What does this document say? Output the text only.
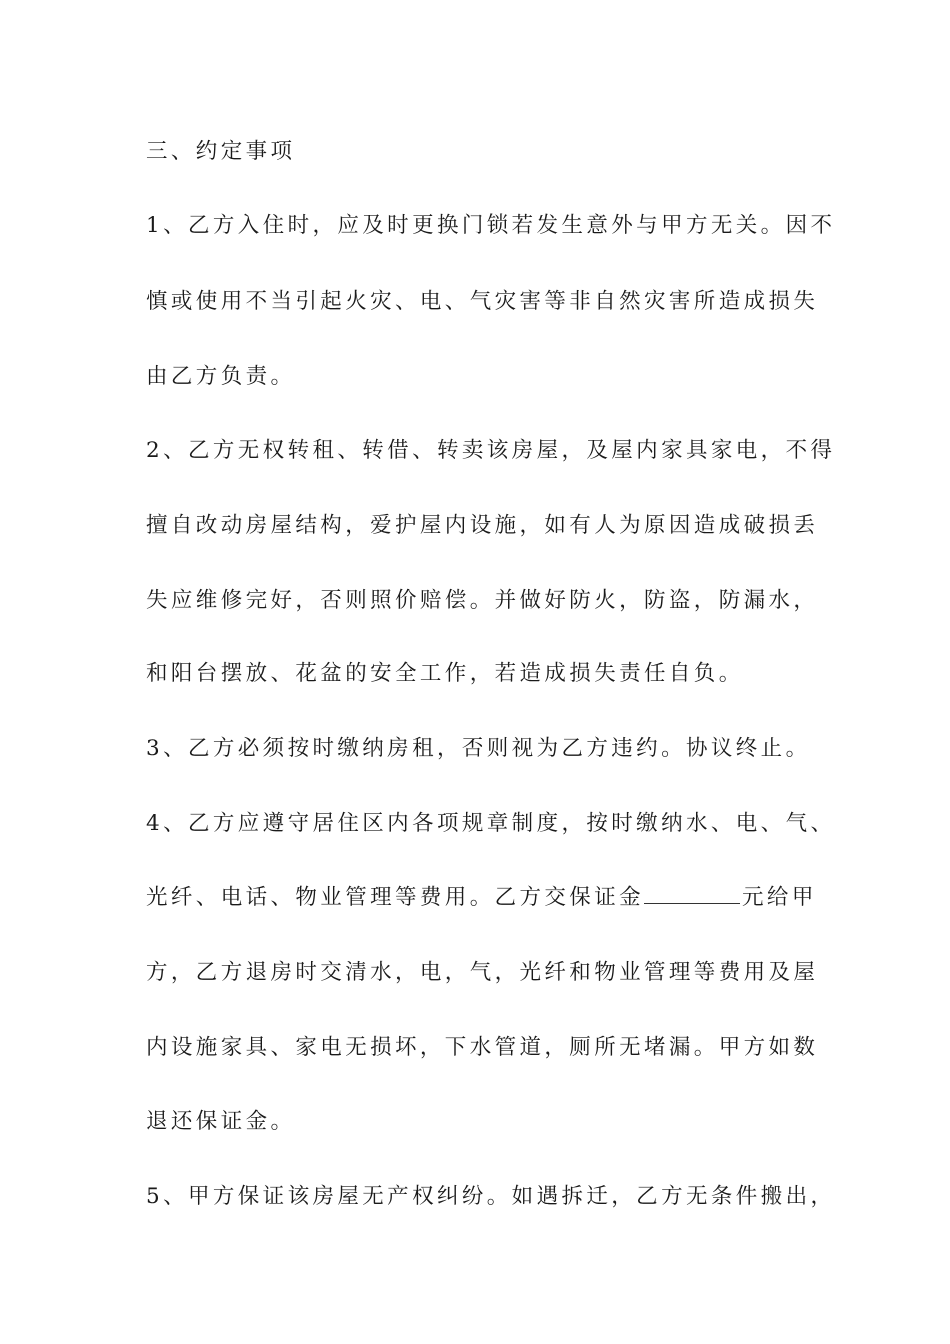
三、约定事项
1、乙方入住时，应及时更换门锁若发生意外与甲方无关。因不
慎或使用不当引起火灾、电、气灾害等非自然灾害所造成损失
由乙方负责。
2、乙方无权转租、转借、转卖该房屋，及屋内家具家电，不得
擅自改动房屋结构，爱护屋内设施，如有人为原因造成破损丢
失应维修完好，否则照价赔偿。并做好防火，防盗，防漏水，
和阳台摆放、花盆的安全工作，若造成损失责任自负。
3、乙方必须按时缴纳房租，否则视为乙方违约。协议终止。
4、乙方应遵守居住区内各项规章制度，按时缴纳水、电、气、
光纤、电话、物业管理等费用。乙方交保证金	元给甲
方，乙方退房时交清水，电，气，光纤和物业管理等费用及屋
内设施家具、家电无损坏，下水管道，厕所无堵漏。甲方如数
退还保证金。
5、甲方保证该房屋无产权纠纷。如遇拆迁，乙方无条件搬出，
